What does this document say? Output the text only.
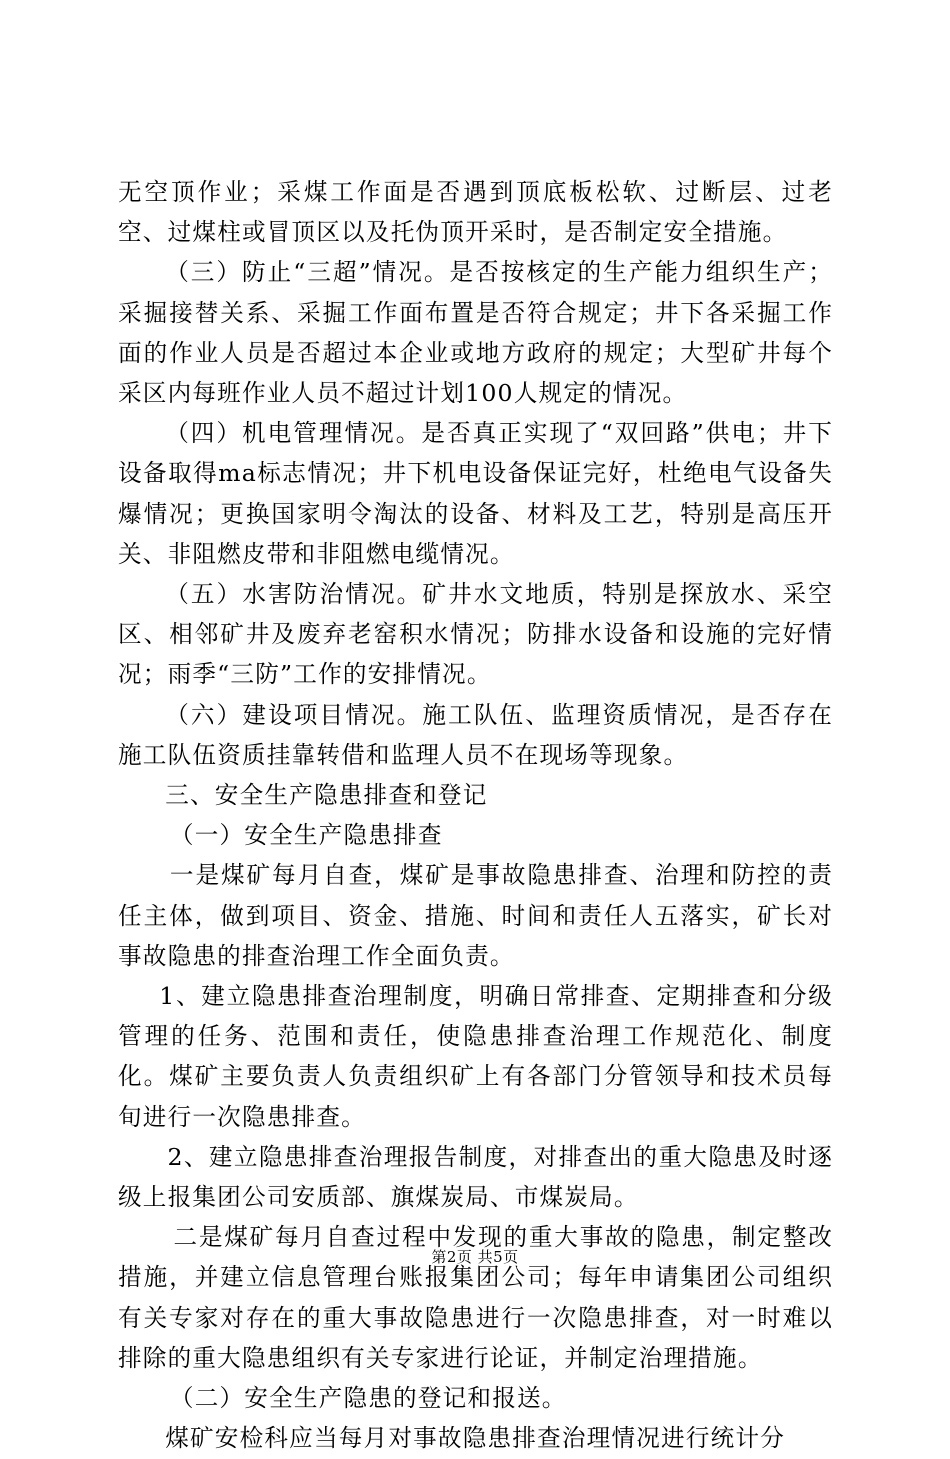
无空顶作业；采煤工作面是否遇到顶底板松软、过断层、过老空、过煤柱或冒顶区以及托伪顶开采时，是否制定安全措施。

（三）防止“三超”情况。是否按核定的生产能力组织生产；采掘接替关系、采掘工作面布置是否符合规定；井下各采掘工作面的作业人员是否超过本企业或地方政府的规定；大型矿井每个采区内每班作业人员不超过计划100人规定的情况。

（四）机电管理情况。是否真正实现了“双回路”供电；井下设备取得ma标志情况；井下机电设备保证完好，杜绝电气设备失爆情况；更换国家明令淘汰的设备、材料及工艺，特别是高压开关、非阻燃皮带和非阻燃电缆情况。

（五）水害防治情况。矿井水文地质，特别是探放水、采空区、相邻矿井及废弃老窑积水情况；防排水设备和设施的完好情况；雨季“三防”工作的安排情况。

（六）建设项目情况。施工队伍、监理资质情况，是否存在施工队伍资质挂靠转借和监理人员不在现场等现象。

三、安全生产隐患排查和登记

（一）安全生产隐患排查

一是煤矿每月自查，煤矿是事故隐患排查、治理和防控的责任主体，做到项目、资金、措施、时间和责任人五落实，矿长对事故隐患的排查治理工作全面负责。

1、建立隐患排查治理制度，明确日常排查、定期排查和分级管理的任务、范围和责任，使隐患排查治理工作规范化、制度化。煤矿主要负责人负责组织矿上有各部门分管领导和技术员每旬进行一次隐患排查。

2、建立隐患排查治理报告制度，对排查出的重大隐患及时逐级上报集团公司安质部、旗煤炭局、市煤炭局。

二是煤矿每月自查过程中发现的重大事故的隐患，制定整改措施，并建立信息管理台账报集团公司；每年申请集团公司组织有关专家对存在的重大事故隐患进行一次隐患排查，对一时难以排除的重大隐患组织有关专家进行论证，并制定治理措施。

（二）安全生产隐患的登记和报送。

煤矿安检科应当每月对事故隐患排查治理情况进行统计分

第2页 共5页
